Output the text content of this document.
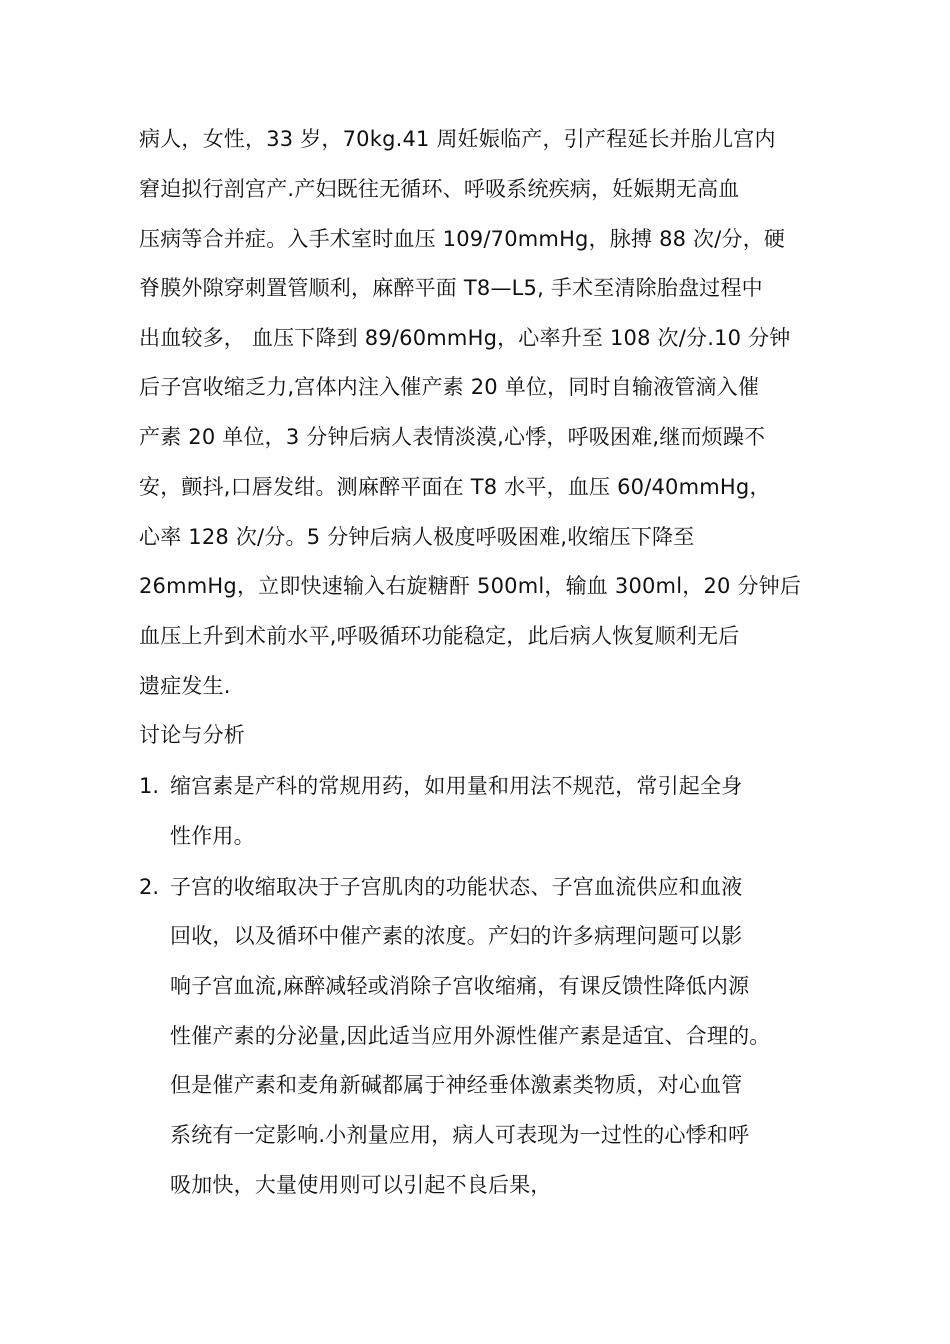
病人，女性，33 岁，70kg.41 周妊娠临产，引产程延长并胎儿宫内
窘迫拟行剖宫产.产妇既往无循环、呼吸系统疾病，妊娠期无高血
压病等合并症。入手术室时血压 109/70mmHg，脉搏 88 次/分，硬
脊膜外隙穿刺置管顺利，麻醉平面 T8—L5, 手术至清除胎盘过程中
出血较多， 血压下降到 89/60mmHg，心率升至 108 次/分.10 分钟
后子宫收缩乏力,宫体内注入催产素 20 单位，同时自输液管滴入催
产素 20 单位，3 分钟后病人表情淡漠,心悸，呼吸困难,继而烦躁不
安，颤抖,口唇发绀。测麻醉平面在 T8 水平，血压 60/40mmHg，
心率 128 次/分。5 分钟后病人极度呼吸困难,收缩压下降至
26mmHg，立即快速输入右旋糖酐 500ml，输血 300ml，20 分钟后
血压上升到术前水平,呼吸循环功能稳定，此后病人恢复顺利无后
遗症发生.
讨论与分析
1. 缩宫素是产科的常规用药，如用量和用法不规范，常引起全身
性作用。
2. 子宫的收缩取决于子宫肌肉的功能状态、子宫血流供应和血液
回收，以及循环中催产素的浓度。产妇的许多病理问题可以影
响子宫血流,麻醉减轻或消除子宫收缩痛，有课反馈性降低内源
性催产素的分泌量,因此适当应用外源性催产素是适宜、合理的。
但是催产素和麦角新碱都属于神经垂体激素类物质，对心血管
系统有一定影响.小剂量应用，病人可表现为一过性的心悸和呼
吸加快，大量使用则可以引起不良后果，
